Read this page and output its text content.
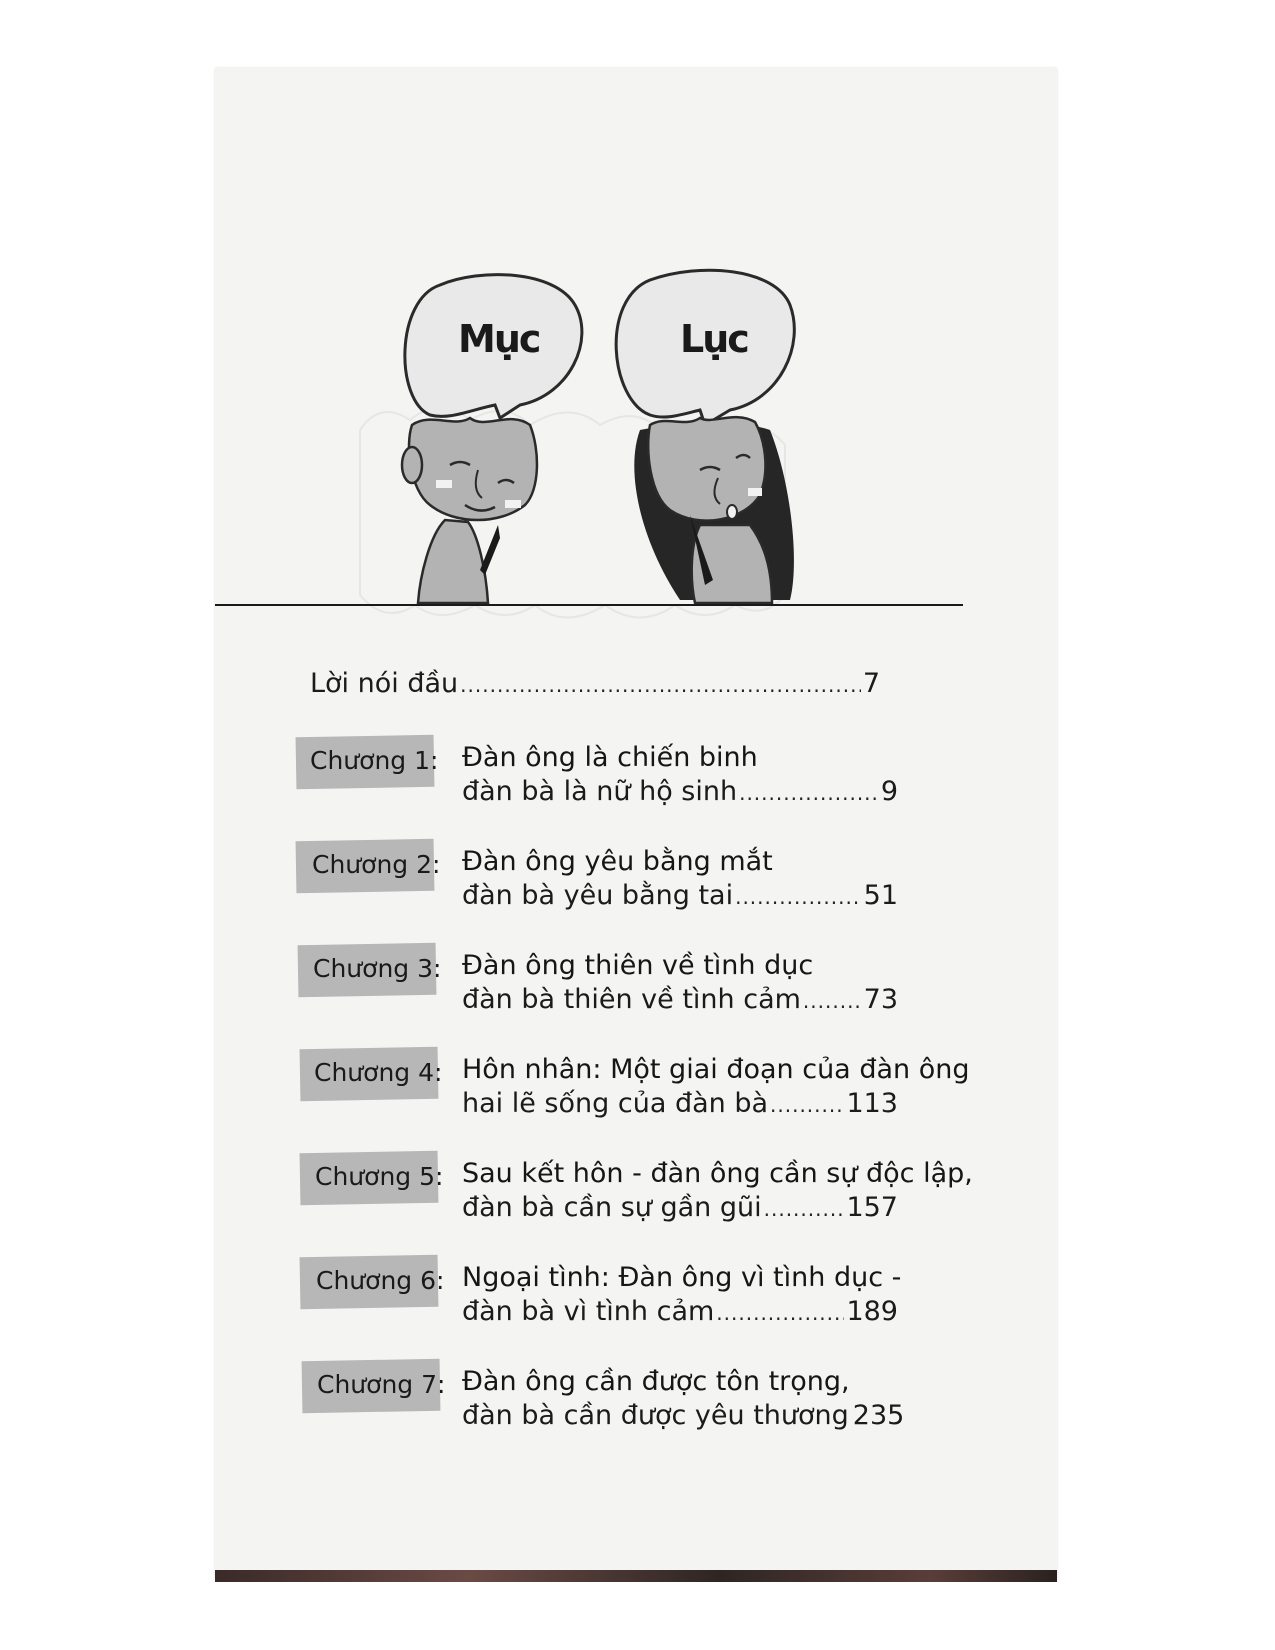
Mục	Lục
Lời nói đầu .....	7
Chương 1: Đàn ông là chiến binh
đàn bà là nữ hộ sinh .....	9
Chương 2: Đàn ông yêu bằng mắt
đàn bà yêu bằng tai .....	51
Chương 3: Đàn ông thiên về tình dục
đàn bà thiên về tình cảm ..... 73
Chương 4: Hôn nhân: Một giai đoạn của đàn ông
hai lẽ sống của đàn bà .....	113
Chương 5: Sau kết hôn - đàn ông cần sự độc lập,
đàn bà cần sự gần gũi .....	157
Chương 6: Ngoại tình: Đàn ông vì tình dục -
đàn bà vì tình cảm .....	189
Chương 7: Đàn ông cần được tôn trọng,
đàn bà cần được yêu thương 235
